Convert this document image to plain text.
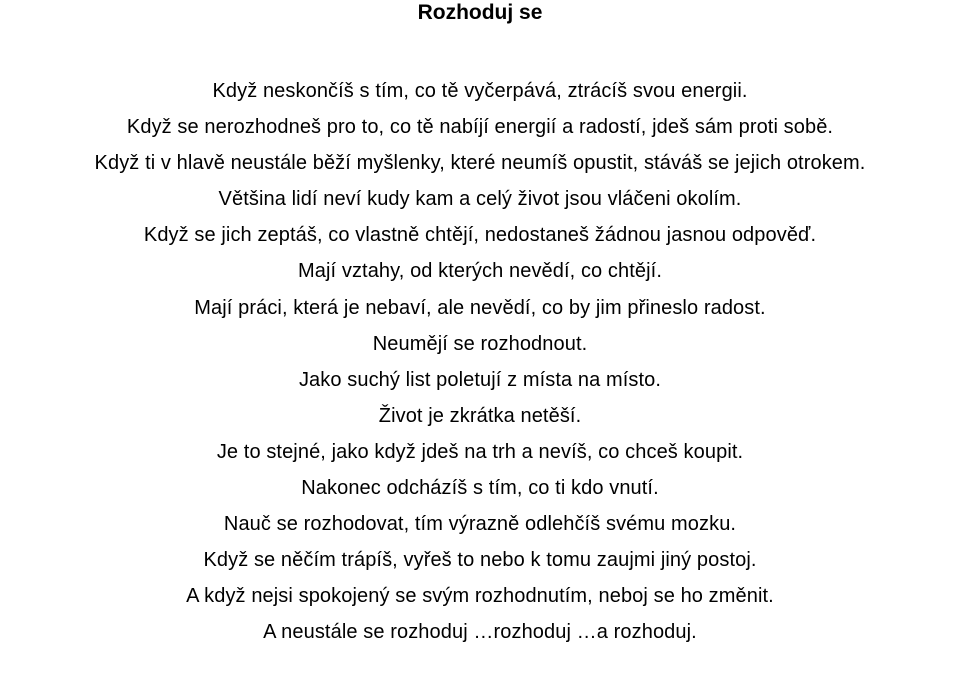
Rozhoduj se
Když neskončíš s tím, co tě vyčerpává, ztrácíš svou energii.
Když se nerozhodneš pro to, co tě nabíjí energií a radostí, jdeš sám proti sobě.
Když ti v hlavě neustále běží myšlenky, které neumíš opustit, stáváš se jejich otrokem.
Většina lidí neví kudy kam a celý život jsou vláčeni okolím.
Když se jich zeptáš, co vlastně chtějí, nedostaneš žádnou jasnou odpověď.
Mají vztahy, od kterých nevědí, co chtějí.
Mají práci, která je nebaví, ale nevědí, co by jim přineslo radost.
Neumějí se rozhodnout.
Jako suchý list poletují z místa na místo.
Život je zkrátka netěší.
Je to stejné, jako když jdeš na trh a nevíš, co chceš koupit.
Nakonec odcházíš s tím, co ti kdo vnutí.
Nauč se rozhodovat, tím výrazně odlehčíš svému mozku.
Když se něčím trápíš, vyřeš to nebo k tomu zaujmi jiný postoj.
A když nejsi spokojený se svým rozhodnutím, neboj se ho změnit.
A neustále se rozhoduj …rozhoduj …a rozhoduj.
